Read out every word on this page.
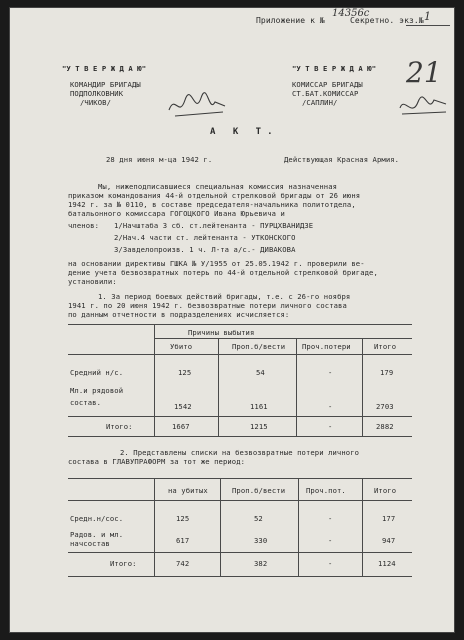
Приложение к №
14356с
Секретно. экз.№ 1
"У Т В Е Р Ж Д А Ю"
КОМАНДИР БРИГАДЫ
ПОДПОЛКОВНИК
/ЧИКОВ/
"У Т В Е Р Ж Д А Ю"
КОМИССАР БРИГАДЫ
СТ.БАТ.КОМИССАР
/САПЛИН/
21
А К Т.
28 дня июня м-ца 1942 г.	Действующая Красная Армия.
Мы, нижеподписавшиеся специальная комиссия назначенная
приказом командования 44-й отдельной стрелковой бригады от 26 июня
1942 г. за № 0110, в составе председателя-начальника политотдела,
батальонного комиссара ГОГОЦКОГО Ивана Юрьевича и
членов: 1/Начштаба 3 сб. ст.лейтенанта - ПУРЦХВАНИДЗЕ
2/Нач.4 части ст. лейтенанта - УТКОНСКОГО
3/Завделопроизв. 1 ч. Л-та а/с.- ДИВАКОВА
на основании директивы ГШКА № У/1955 от 25.05.1942 г. проверили ве-
дение учета безвозвратных потерь по 44-й отдельной стрелковой бригаде,
установили:
1. За период боевых действий бригады, т.е. с 26-го ноября
1941 г. по 20 июня 1942 г. безвозвратные потери личного состава
по данным отчетности в подразделениях исчисляется:
Причины выбытия
Убито	Проп.б/вести Проч.потери	Итого
Средний н/с.	125	54	-	179
Мл.и рядовой
состав.	1542	1161	-	2703
Итого:	1667	1215	-	2882
2. Представлены списки на безвозвратные потери личного
состава в ГЛАВУПРАФОРМ за тот же период:
на убитых	Проп.б/вести	Проч.пот.	Итого
Средн.н/сос.	125	52	-	177
Радов. и мл.
начсостав	617	330	-	947
Итого:	742	382	-	1124
